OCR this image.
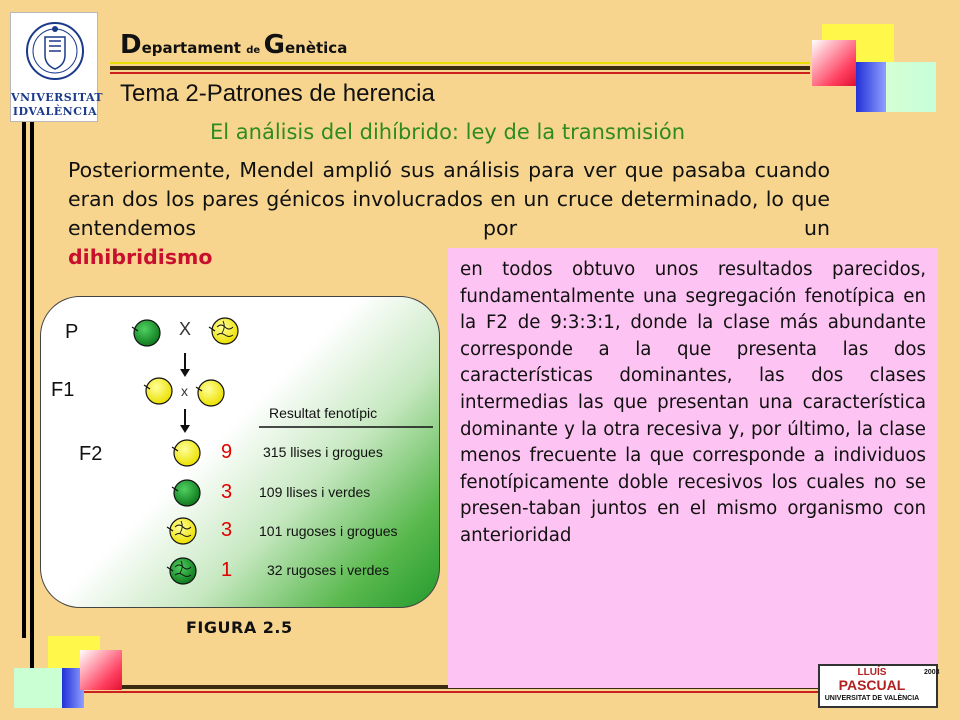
VNIVERSITAT
IDVALÈNCIA
Departament de Genètica
Tema 2-Patrones de herencia
El análisis del dihíbrido: ley de la transmisión
Posteriormente, Mendel amplió sus análisis para ver que pasaba cuando eran dos los pares génicos involucrados en un cruce determinado, lo que entendemos por un
dihibridismo
P
F1
F2
X
x
Resultat fenotípic
9 315 llises i grogues
3 109 llises i verdes
3 101 rugoses i grogues
1 32 rugoses i verdes
FIGURA 2.5

en todos obtuvo unos resultados parecidos, fundamentalmente una segregación fenotípica en la F2 de 9:3:3:1, donde la clase más abundante corresponde a la que presenta las dos características dominantes, las dos clases intermedias las que presentan una característica dominante y la otra recesiva y, por último, la clase menos frecuente la que corresponde a individuos fenotípicamente doble recesivos los cuales no se presen-taban juntos en el mismo organismo con anterioridad

LLUÍS
PASCUAL
UNIVERSITAT DE VALÈNCIA
2003
